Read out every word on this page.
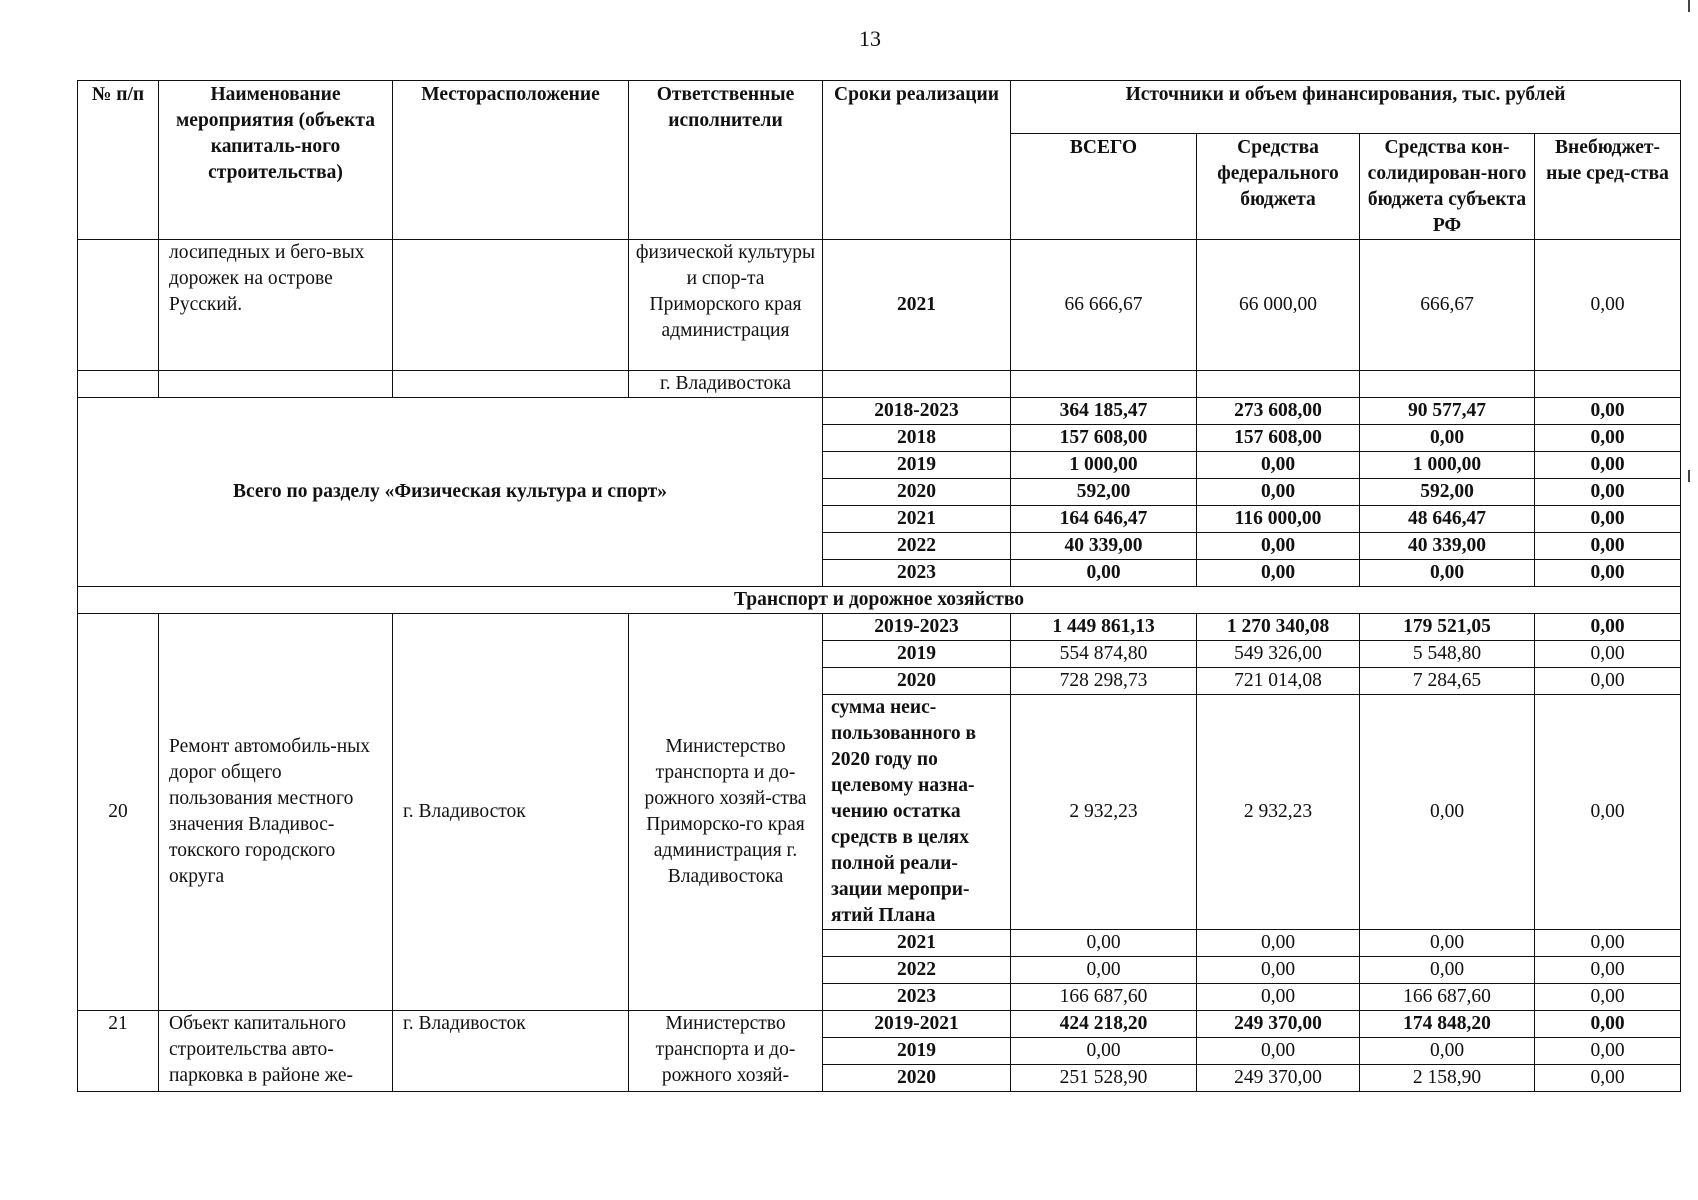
13
№ п/п	Наименование мероприятия (объекта капиталь-ного строительства)	Месторасположение	Ответственные исполнители	Сроки реализации	Источники и объем финансирования, тыс. рублей			
					ВСЕГО	Средства федерального бюджета	Средства кон-солидирован-ного бюджета субъекта РФ	Внебюджет-ные сред-ства
	лосипедных и бего-вых дорожек на острове Русский.		физической культуры и спор-та Приморского края администрация	2021	66 666,67	66 000,00	666,67	0,00
			г. Владивостока					
Всего по разделу «Физическая культура и спорт»				2018-2023	364 185,47	273 608,00	90 577,47	0,00
				2018	157 608,00	157 608,00	0,00	0,00
				2019	1 000,00	0,00	1 000,00	0,00
				2020	592,00	0,00	592,00	0,00
				2021	164 646,47	116 000,00	48 646,47	0,00
				2022	40 339,00	0,00	40 339,00	0,00
				2023	0,00	0,00	0,00	0,00
Транспорт и дорожное хозяйство								
20	Ремонт автомобиль-ных дорог общего пользования местного значения Владивос-токского городского округа	г. Владивосток	Министерство транспорта и до-рожного хозяй-ства Приморско-го края администрация г. Владивостока	2019-2023	1 449 861,13	1 270 340,08	179 521,05	0,00
				2019	554 874,80	549 326,00	5 548,80	0,00
				2020	728 298,73	721 014,08	7 284,65	0,00
				сумма неис-пользованного в 2020 году по целевому назна-чению остатка средств в целях полной реали-зации меропри-ятий Плана	2 932,23	2 932,23	0,00	0,00
				2021	0,00	0,00	0,00	0,00
				2022	0,00	0,00	0,00	0,00
				2023	166 687,60	0,00	166 687,60	0,00
21	Объект капитального строительства авто-парковка в районе же-	г. Владивосток	Министерство транспорта и до-рожного хозяй-	2019-2021	424 218,20	249 370,00	174 848,20	0,00
				2019	0,00	0,00	0,00	0,00
				2020	251 528,90	249 370,00	2 158,90	0,00
